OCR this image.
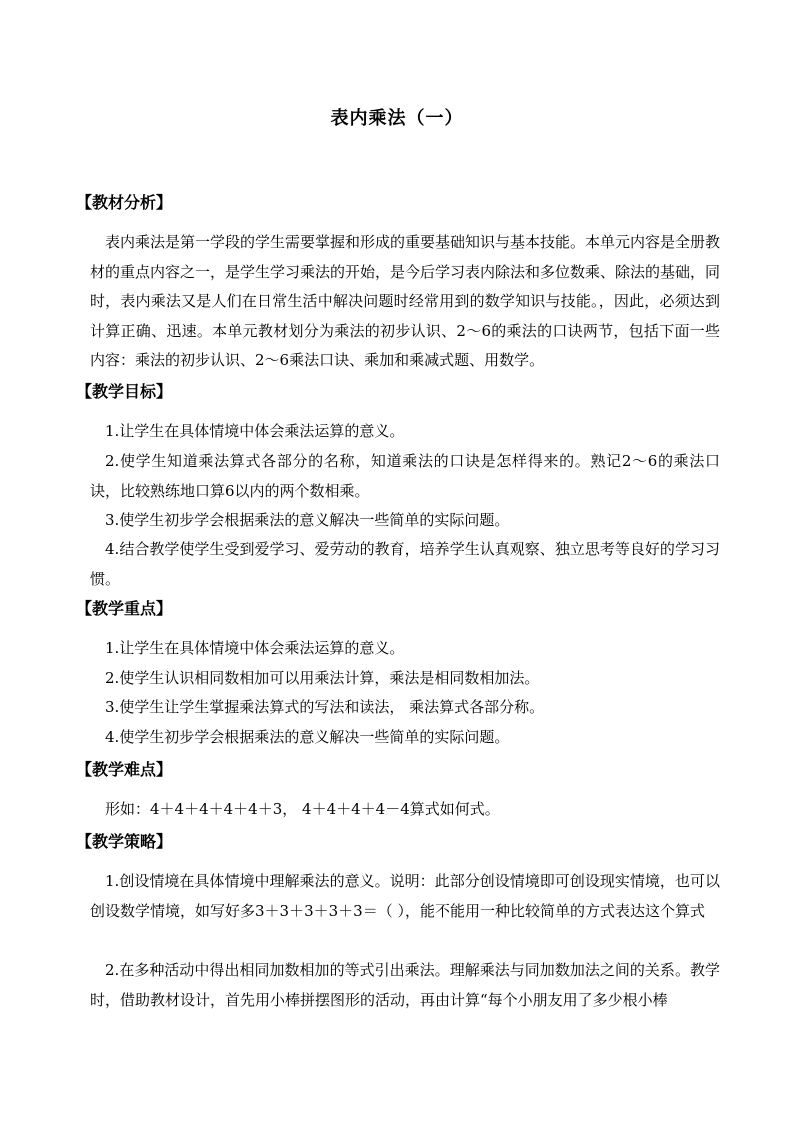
表内乘法（一）
【教材分析】
表内乘法是第一学段的学生需要掌握和形成的重要基础知识与基本技能。本单元内容是全册教材的重点内容之一，是学生学习乘法的开始，是今后学习表内除法和多位数乘、除法的基础，同时，表内乘法又是人们在日常生活中解决问题时经常用到的数学知识与技能。，因此，必须达到计算正确、迅速。本单元教材划分为乘法的初步认识、2～6的乘法的口诀两节，包括下面一些内容：乘法的初步认识、2～6乘法口诀、乘加和乘减式题、用数学。
【教学目标】
1.让学生在具体情境中体会乘法运算的意义。
2.使学生知道乘法算式各部分的名称，知道乘法的口诀是怎样得来的。熟记2～6的乘法口诀，比较熟练地口算6以内的两个数相乘。
3.使学生初步学会根据乘法的意义解决一些简单的实际问题。
4.结合教学使学生受到爱学习、爱劳动的教育，培养学生认真观察、独立思考等良好的学习习惯。
【教学重点】
1.让学生在具体情境中体会乘法运算的意义。
2.使学生认识相同数相加可以用乘法计算，乘法是相同数相加法。
3.使学生让学生掌握乘法算式的写法和读法， 乘法算式各部分称。
4.使学生初步学会根据乘法的意义解决一些简单的实际问题。
【教学难点】
形如：4＋4＋4＋4＋4＋3， 4＋4＋4＋4－4算式如何式。
【教学策略】
1.创设情境在具体情境中理解乘法的意义。说明：此部分创设情境即可创设现实情境，也可以创设数学情境，如写好多3＋3＋3＋3＋3＝（ ），能不能用一种比较简单的方式表达这个算式
2.在多种活动中得出相同加数相加的等式引出乘法。理解乘法与同加数加法之间的关系。教学时，借助教材设计，首先用小棒拼摆图形的活动，再由计算“每个小朋友用了多少根小棒
